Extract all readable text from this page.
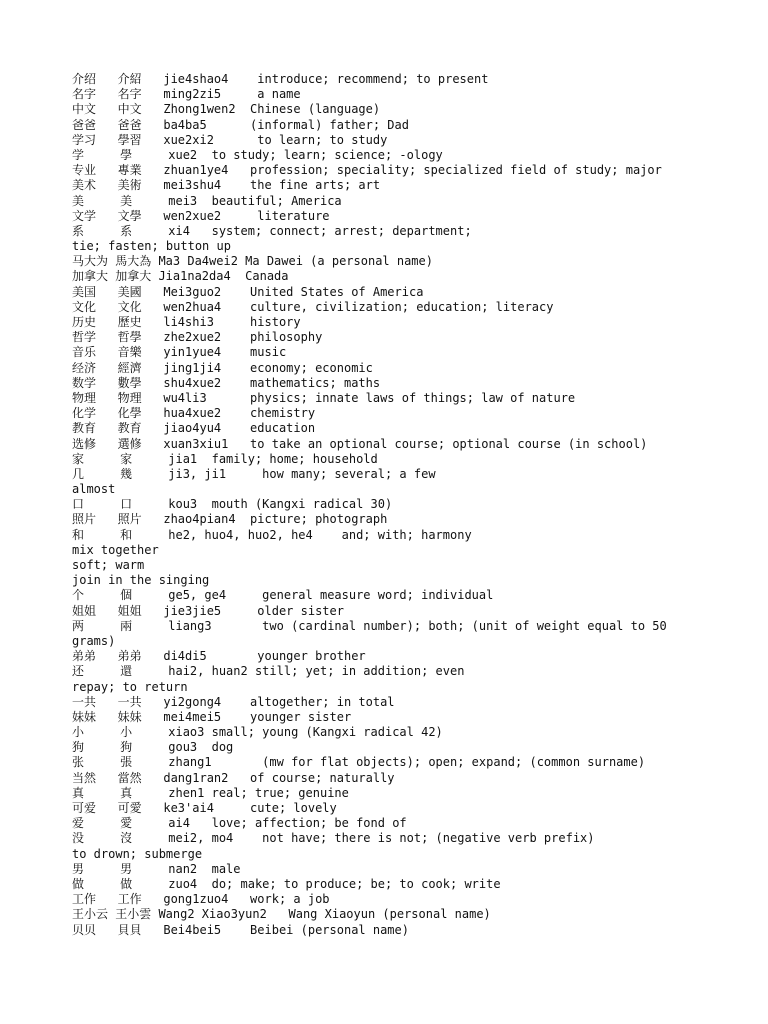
介绍   介紹   jie4shao4    introduce; recommend; to present
名字   名字   ming2zi5     a name
中文   中文   Zhong1wen2  Chinese (language)
爸爸   爸爸   ba4ba5      (informal) father; Dad
学习   學習   xue2xi2      to learn; to study
学     學     xue2  to study; learn; science; -ology
专业   專業   zhuan1ye4   profession; speciality; specialized field of study; major
美术   美術   mei3shu4    the fine arts; art
美     美     mei3  beautiful; America
文学   文學   wen2xue2     literature
系     系     xi4   system; connect; arrest; department;
tie; fasten; button up
马大为 馬大為 Ma3 Da4wei2 Ma Dawei (a personal name)
加拿大 加拿大 Jia1na2da4  Canada
美国   美國   Mei3guo2    United States of America
文化   文化   wen2hua4    culture, civilization; education; literacy
历史   歷史   li4shi3     history
哲学   哲學   zhe2xue2    philosophy
音乐   音樂   yin1yue4    music
经济   經濟   jing1ji4    economy; economic
数学   數學   shu4xue2    mathematics; maths
物理   物理   wu4li3      physics; innate laws of things; law of nature
化学   化學   hua4xue2    chemistry
教育   教育   jiao4yu4    education
选修   選修   xuan3xiu1   to take an optional course; optional course (in school)
家     家     jia1  family; home; household
几     幾     ji3, ji1     how many; several; a few
almost
口     口     kou3  mouth (Kangxi radical 30)
照片   照片   zhao4pian4  picture; photograph
和     和     he2, huo4, huo2, he4    and; with; harmony
mix together
soft; warm
join in the singing
个     個     ge5, ge4     general measure word; individual
姐姐   姐姐   jie3jie5     older sister
两     兩     liang3       two (cardinal number); both; (unit of weight equal to 50
grams)
弟弟   弟弟   di4di5       younger brother
还     還     hai2, huan2 still; yet; in addition; even
repay; to return
一共   一共   yi2gong4    altogether; in total
妹妹   妹妹   mei4mei5    younger sister
小     小     xiao3 small; young (Kangxi radical 42)
狗     狗     gou3  dog
张     張     zhang1       (mw for flat objects); open; expand; (common surname)
当然   當然   dang1ran2   of course; naturally
真     真     zhen1 real; true; genuine
可爱   可愛   ke3'ai4     cute; lovely
爱     愛     ai4   love; affection; be fond of
没     沒     mei2, mo4    not have; there is not; (negative verb prefix)
to drown; submerge
男     男     nan2  male
做     做     zuo4  do; make; to produce; be; to cook; write
工作   工作   gong1zuo4   work; a job
王小云 王小雲 Wang2 Xiao3yun2   Wang Xiaoyun (personal name)
贝贝   貝貝   Bei4bei5    Beibei (personal name)
